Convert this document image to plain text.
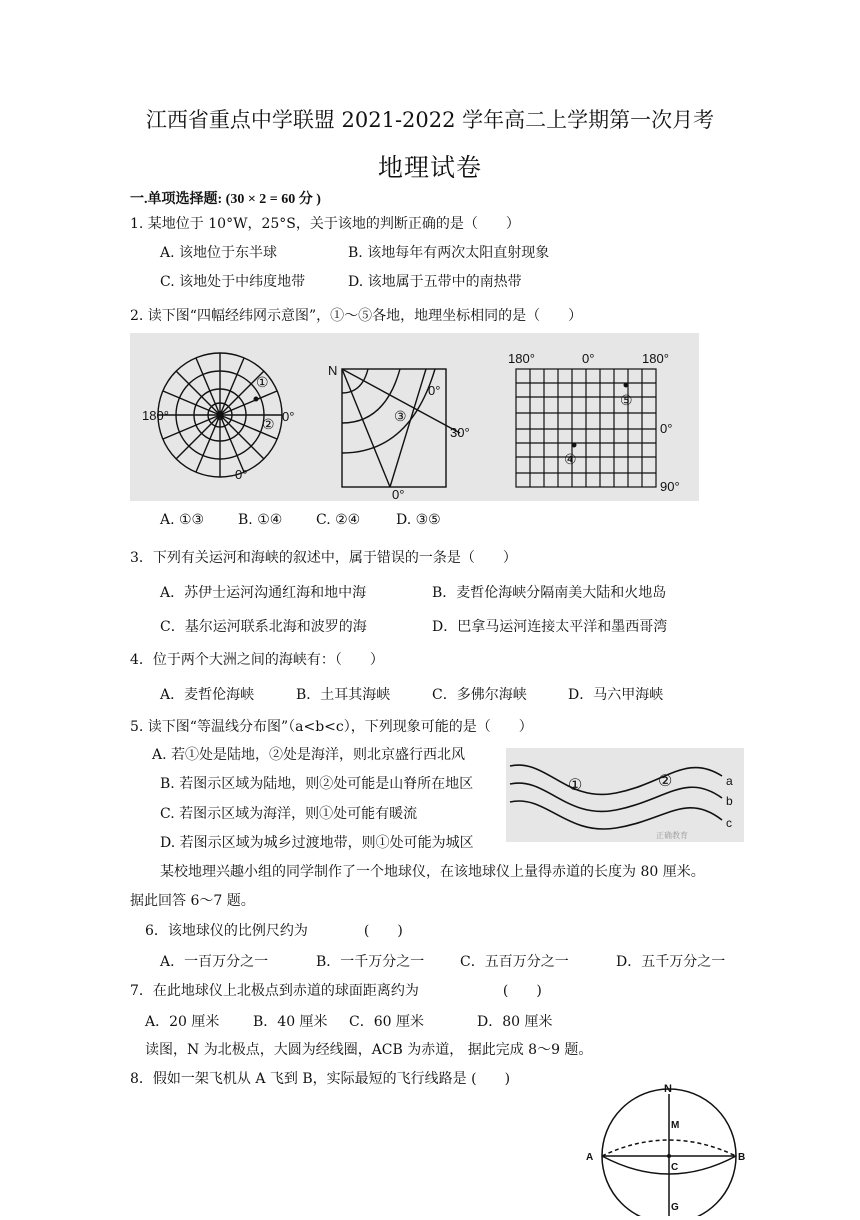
江西省重点中学联盟 2021-2022 学年高二上学期第一次月考
地理试卷
一.单项选择题: (30 × 2 = 60 分 )
1. 某地位于 10°W，25°S，关于该地的判断正确的是（　　）
A. 该地位于东半球	B. 该地每年有两次太阳直射现象
C. 该地处于中纬度地带	D. 该地属于五带中的南热带
2. 读下图“四幅经纬网示意图”，①～⑤各地，地理坐标相同的是（　　）
S
180°	0°
0°
①
②
N
0°
30°
0°
③
180°	0°	180°
0°
90°
⑤
④
A. ①③ B. ①④ C. ②④	D. ③⑤
3．下列有关运河和海峡的叙述中，属于错误的一条是（　　）
A．苏伊士运河沟通红海和地中海	B．麦哲伦海峡分隔南美大陆和火地岛
C．基尔运河联系北海和波罗的海	D．巴拿马运河连接太平洋和墨西哥湾
4．位于两个大洲之间的海峡有：（　　）
A．麦哲伦海峡	B．土耳其海峡	C．多佛尔海峡	D．马六甲海峡
5. 读下图“等温线分布图”（a<b<c），下列现象可能的是（　　）
A. 若①处是陆地，②处是海洋，则北京盛行西北风
B. 若图示区域为陆地，则②处可能是山脊所在地区
C. 若图示区域为海洋，则①处可能有暖流
D. 若图示区域为城乡过渡地带，则①处可能为城区
①	②	a
b
c
正确教育
某校地理兴趣小组的同学制作了一个地球仪，在该地球仪上量得赤道的长度为 80 厘米。
据此回答 6～7 题。
6．该地球仪的比例尺约为　　　　(　　)
A．一百万分之一	B．一千万分之一	C．五百万分之一	D．五千万分之一
7．在此地球仪上北极点到赤道的球面距离约为　　　　　　(　　)
A．20 厘米 B．40 厘米 C．60 厘米	D．80 厘米
读图，N 为北极点，大圆为经线圈，ACB 为赤道， 据此完成 8～9 题。
8．假如一架飞机从 A 飞到 B，实际最短的飞行线路是 (　　)
N
M
A
C
B
G
